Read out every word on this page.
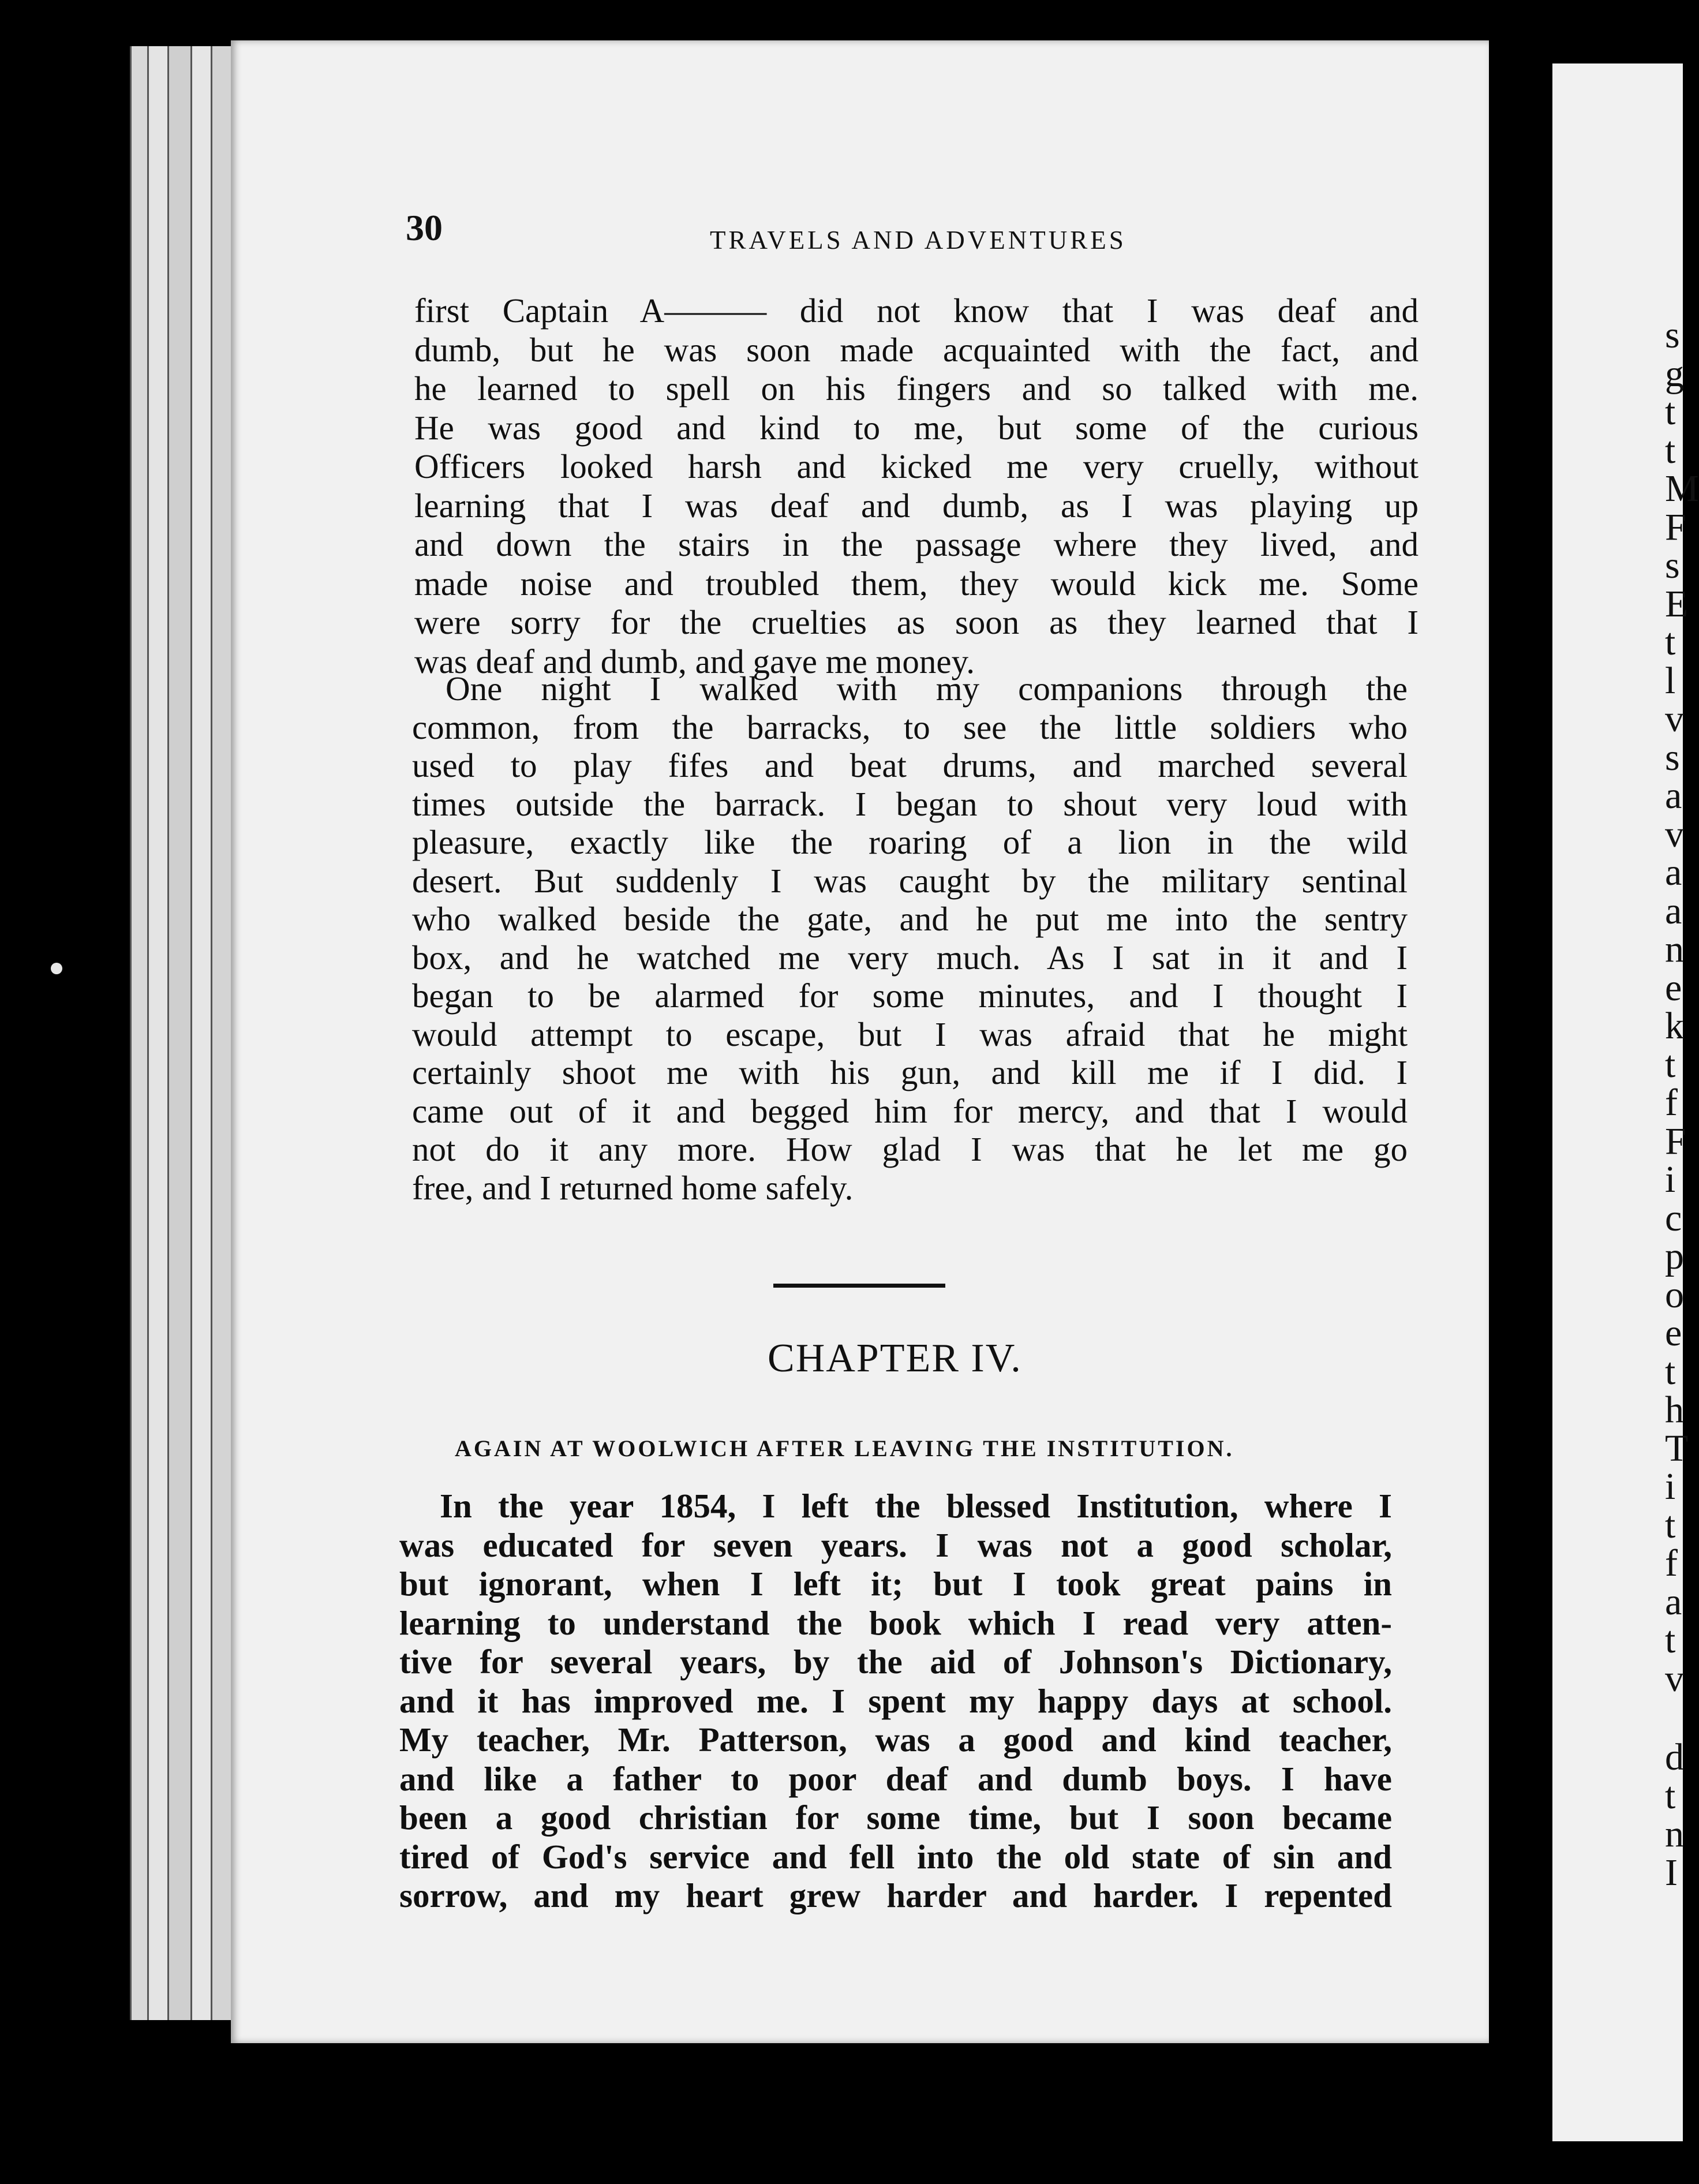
30	TRAVELS AND ADVENTURES
first Captain A——— did not know that I was deaf and
dumb, but he was soon made acquainted with the fact, and
he learned to spell on his fingers and so talked with me.
He was good and kind to me, but some of the curious
Officers looked harsh and kicked me very cruelly, without
learning that I was deaf and dumb, as I was playing up
and down the stairs in the passage where they lived, and
made noise and troubled them, they would kick me. Some
were sorry for the cruelties as soon as they learned that I
was deaf and dumb, and gave me money.
One night I walked with my companions through the
common, from the barracks, to see the little soldiers who
used to play fifes and beat drums, and marched several
times outside the barrack. I began to shout very loud with
pleasure, exactly like the roaring of a lion in the wild
desert. But suddenly I was caught by the military sentinal
who walked beside the gate, and he put me into the sentry
box, and he watched me very much. As I sat in it and I
began to be alarmed for some minutes, and I thought I
would attempt to escape, but I was afraid that he might
certainly shoot me with his gun, and kill me if I did. I
came out of it and begged him for mercy, and that I would
not do it any more. How glad I was that he let me go
free, and I returned home safely.
CHAPTER IV.
AGAIN AT WOOLWICH AFTER LEAVING THE INSTITUTION.
In the year 1854, I left the blessed Institution, where I
was educated for seven years. I was not a good scholar,
but ignorant, when I left it; but I took great pains in
learning to understand the book which I read very atten-
tive for several years, by the aid of Johnson's Dictionary,
and it has improved me. I spent my happy days at school.
My teacher, Mr. Patterson, was a good and kind teacher,
and like a father to poor deaf and dumb boys. I have
been a good christian for some time, but I soon became
tired of God's service and fell into the old state of sin and
sorrow, and my heart grew harder and harder. I repented
s
g
t
t
M
F
s
E
t
l
v
s
a
v
a
a
n
e
k
t
f
F
i
c
p
o
e
t
h
T
i
t
f
a
t
v
d
t
n
I
